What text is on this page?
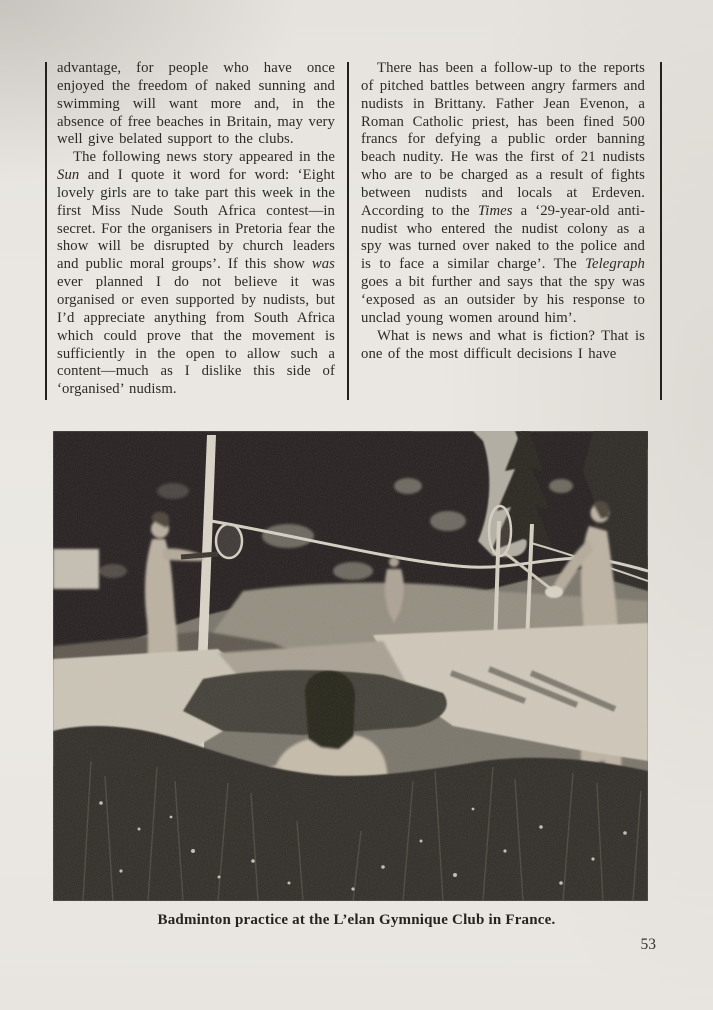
advantage, for people who have once enjoyed the freedom of naked sunning and swimming will want more and, in the absence of free beaches in Britain, may very well give belated support to the clubs.

The following news story appeared in the Sun and I quote it word for word: ‘Eight lovely girls are to take part this week in the first Miss Nude South Africa contest—in secret. For the organisers in Pretoria fear the show will be disrupted by church leaders and public moral groups’. If this show was ever planned I do not believe it was organised or even supported by nudists, but I’d appreciate anything from South Africa which could prove that the movement is sufficiently in the open to allow such a content—much as I dislike this side of ‘organised’ nudism.

There has been a follow-up to the reports of pitched battles between angry farmers and nudists in Brittany. Father Jean Evenon, a Roman Catholic priest, has been fined 500 francs for defying a public order banning beach nudity. He was the first of 21 nudists who are to be charged as a result of fights between nudists and locals at Erdeven. According to the Times a ‘29-year-old anti-nudist who entered the nudist colony as a spy was turned over naked to the police and is to face a similar charge’. The Telegraph goes a bit further and says that the spy was ‘exposed as an outsider by his response to unclad young women around him’.

What is news and what is fiction? That is one of the most difficult decisions I have

Badminton practice at the L’elan Gymnique Club in France.
53
